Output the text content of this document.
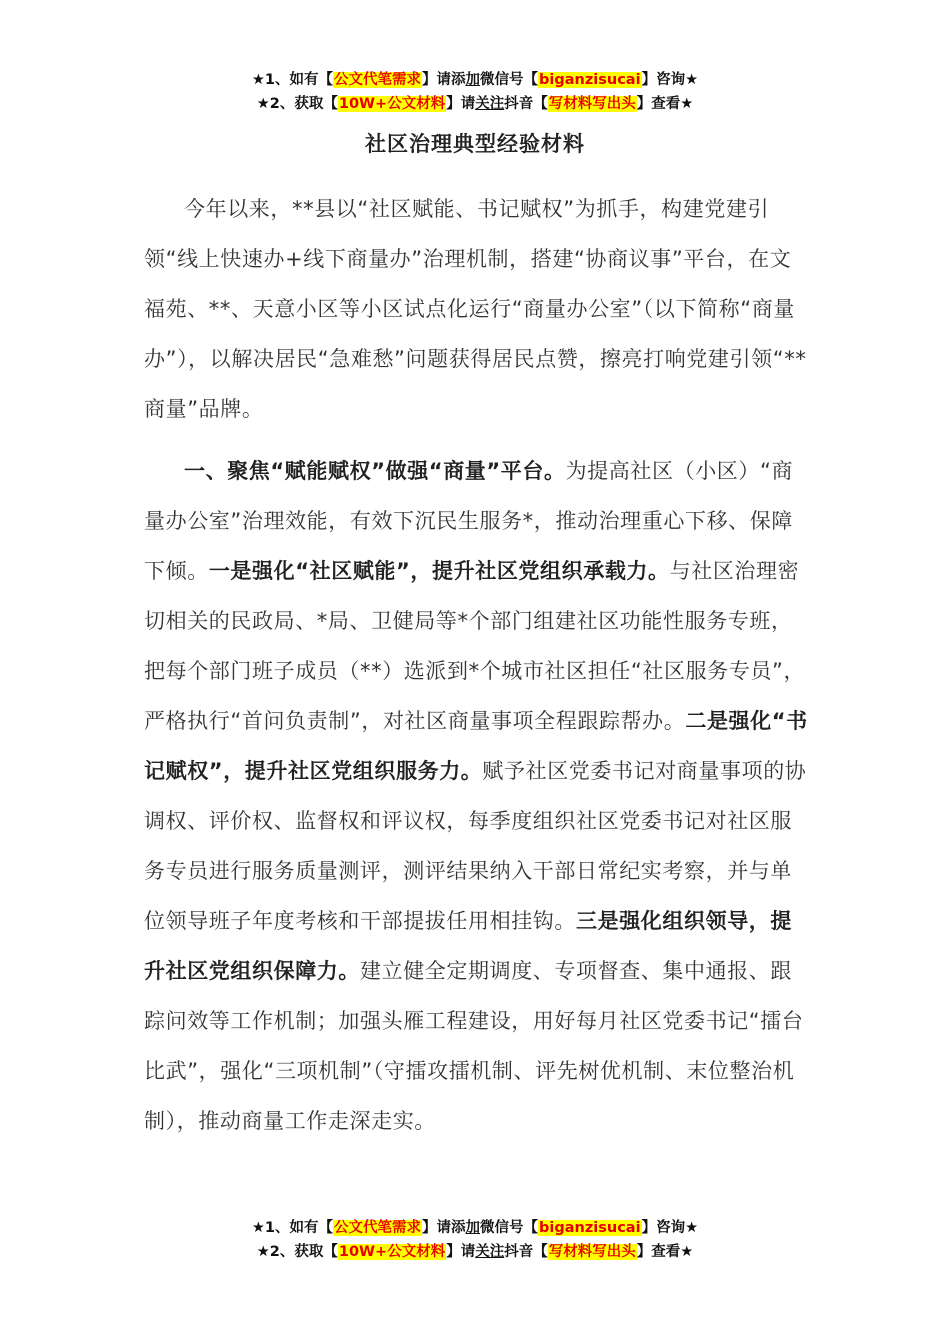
★1、如有【公文代笔需求】请添加微信号【biganzisucai】咨询★
★2、获取【10W+公文材料】请关注抖音【写材料写出头】查看★
社区治理典型经验材料

今年以来，**县以“社区赋能、书记赋权”为抓手，构建党建引领“线上快速办+线下商量办”治理机制，搭建“协商议事”平台，在文福苑、**、天意小区等小区试点化运行“商量办公室”（以下简称“商量办”），以解决居民“急难愁”问题获得居民点赞，擦亮打响党建引领“**商量”品牌。

一、聚焦“赋能赋权”做强“商量”平台。为提高社区（小区）“商量办公室”治理效能，有效下沉民生服务*，推动治理重心下移、保障下倾。一是强化“社区赋能”，提升社区党组织承载力。与社区治理密切相关的民政局、*局、卫健局等*个部门组建社区功能性服务专班，把每个部门班子成员（**）选派到*个城市社区担任“社区服务专员”，严格执行“首问负责制”，对社区商量事项全程跟踪帮办。二是强化“书记赋权”，提升社区党组织服务力。赋予社区党委书记对商量事项的协调权、评价权、监督权和评议权，每季度组织社区党委书记对社区服务专员进行服务质量测评，测评结果纳入干部日常纪实考察，并与单位领导班子年度考核和干部提拔任用相挂钩。三是强化组织领导，提升社区党组织保障力。建立健全定期调度、专项督查、集中通报、跟踪问效等工作机制；加强头雁工程建设，用好每月社区党委书记“擂台比武”，强化“三项机制”（守擂攻擂机制、评先树优机制、末位整治机制），推动商量工作走深走实。

★1、如有【公文代笔需求】请添加微信号【biganzisucai】咨询★
★2、获取【10W+公文材料】请关注抖音【写材料写出头】查看★
